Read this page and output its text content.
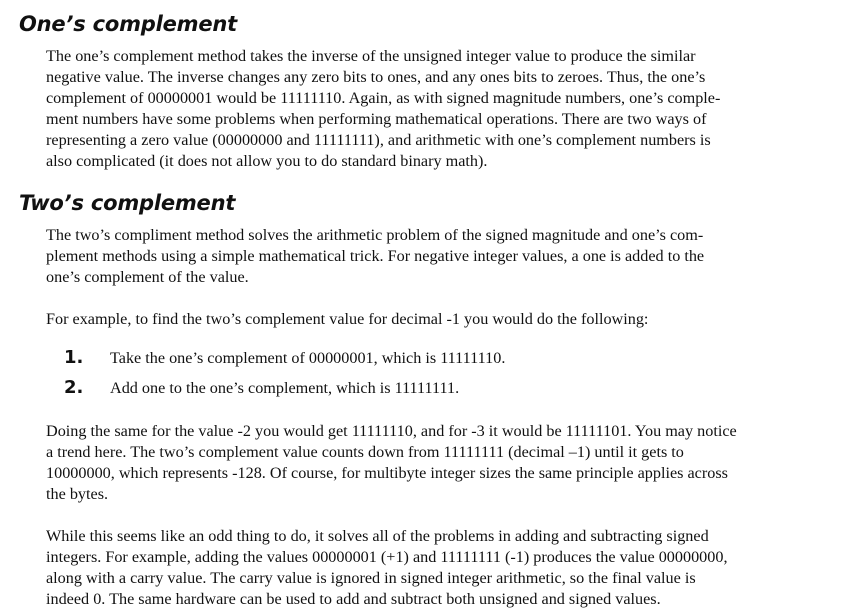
One’s complement

The one’s complement method takes the inverse of the unsigned integer value to produce the similar
negative value. The inverse changes any zero bits to ones, and any ones bits to zeroes. Thus, the one’s
complement of 00000001 would be 11111110. Again, as with signed magnitude numbers, one’s comple-
ment numbers have some problems when performing mathematical operations. There are two ways of
representing a zero value (00000000 and 11111111), and arithmetic with one’s complement numbers is
also complicated (it does not allow you to do standard binary math).

Two’s complement

The two’s compliment method solves the arithmetic problem of the signed magnitude and one’s com-
plement methods using a simple mathematical trick. For negative integer values, a one is added to the
one’s complement of the value.

For example, to find the two’s complement value for decimal -1 you would do the following:

1. Take the one’s complement of 00000001, which is 11111110.
2. Add one to the one’s complement, which is 11111111.

Doing the same for the value -2 you would get 11111110, and for -3 it would be 11111101. You may notice
a trend here. The two’s complement value counts down from 11111111 (decimal –1) until it gets to
10000000, which represents -128. Of course, for multibyte integer sizes the same principle applies across
the bytes.

While this seems like an odd thing to do, it solves all of the problems in adding and subtracting signed
integers. For example, adding the values 00000001 (+1) and 11111111 (-1) produces the value 00000000,
along with a carry value. The carry value is ignored in signed integer arithmetic, so the final value is
indeed 0. The same hardware can be used to add and subtract both unsigned and signed values.
